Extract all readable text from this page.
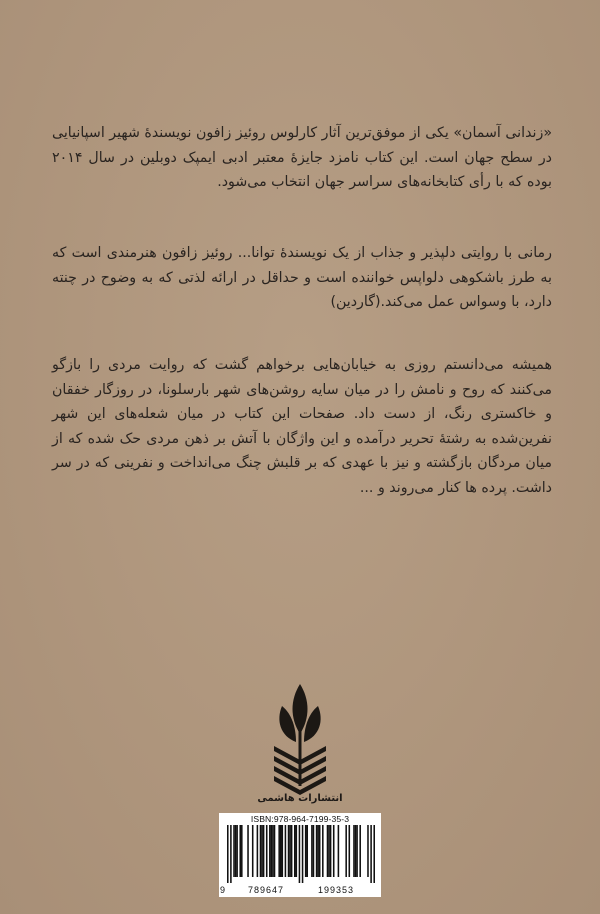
«زندانی آسمان» یکی از موفق‌ترین آثار کارلوس روئیز زافون نویسندۀ شهیر اسپانیایی در سطح جهان است. این کتاب نامزد جایزۀ معتبر ادبی ایمپک دوبلین در سال ۲۰۱۴ بوده که با رأی کتابخانه‌های سراسر جهان انتخاب می‌شود.

رمانی با روایتی دلپذیر و جذاب از یک نویسندۀ توانا... روئیز زافون هنرمندی است که به طرز باشکوهی دلواپس خواننده است و حداقل در ارائه لذتی که به وضوح در چنته دارد، با وسواس عمل می‌کند.(گاردین)

همیشه می‌دانستم روزی به خیابان‌هایی برخواهم گشت که روایت مردی را بازگو می‌کنند که روح و نامش را در میان سایه روشن‌های شهر بارسلونا، در روزگار خفقان و خاکستری رنگ، از دست داد. صفحات این کتاب در میان شعله‌های این شهر نفرین‌شده به رشتۀ تحریر درآمده و این واژگان با آتش بر ذهن مردی حک شده که از میان مردگان بازگشته و نیز با عهدی که بر قلبش چنگ می‌انداخت و نفرینی که در سر داشت. پرده ها کنار می‌روند و ...

انتشارات هاشمی
ISBN:978-964-7199-35-3
9	789647	199353
